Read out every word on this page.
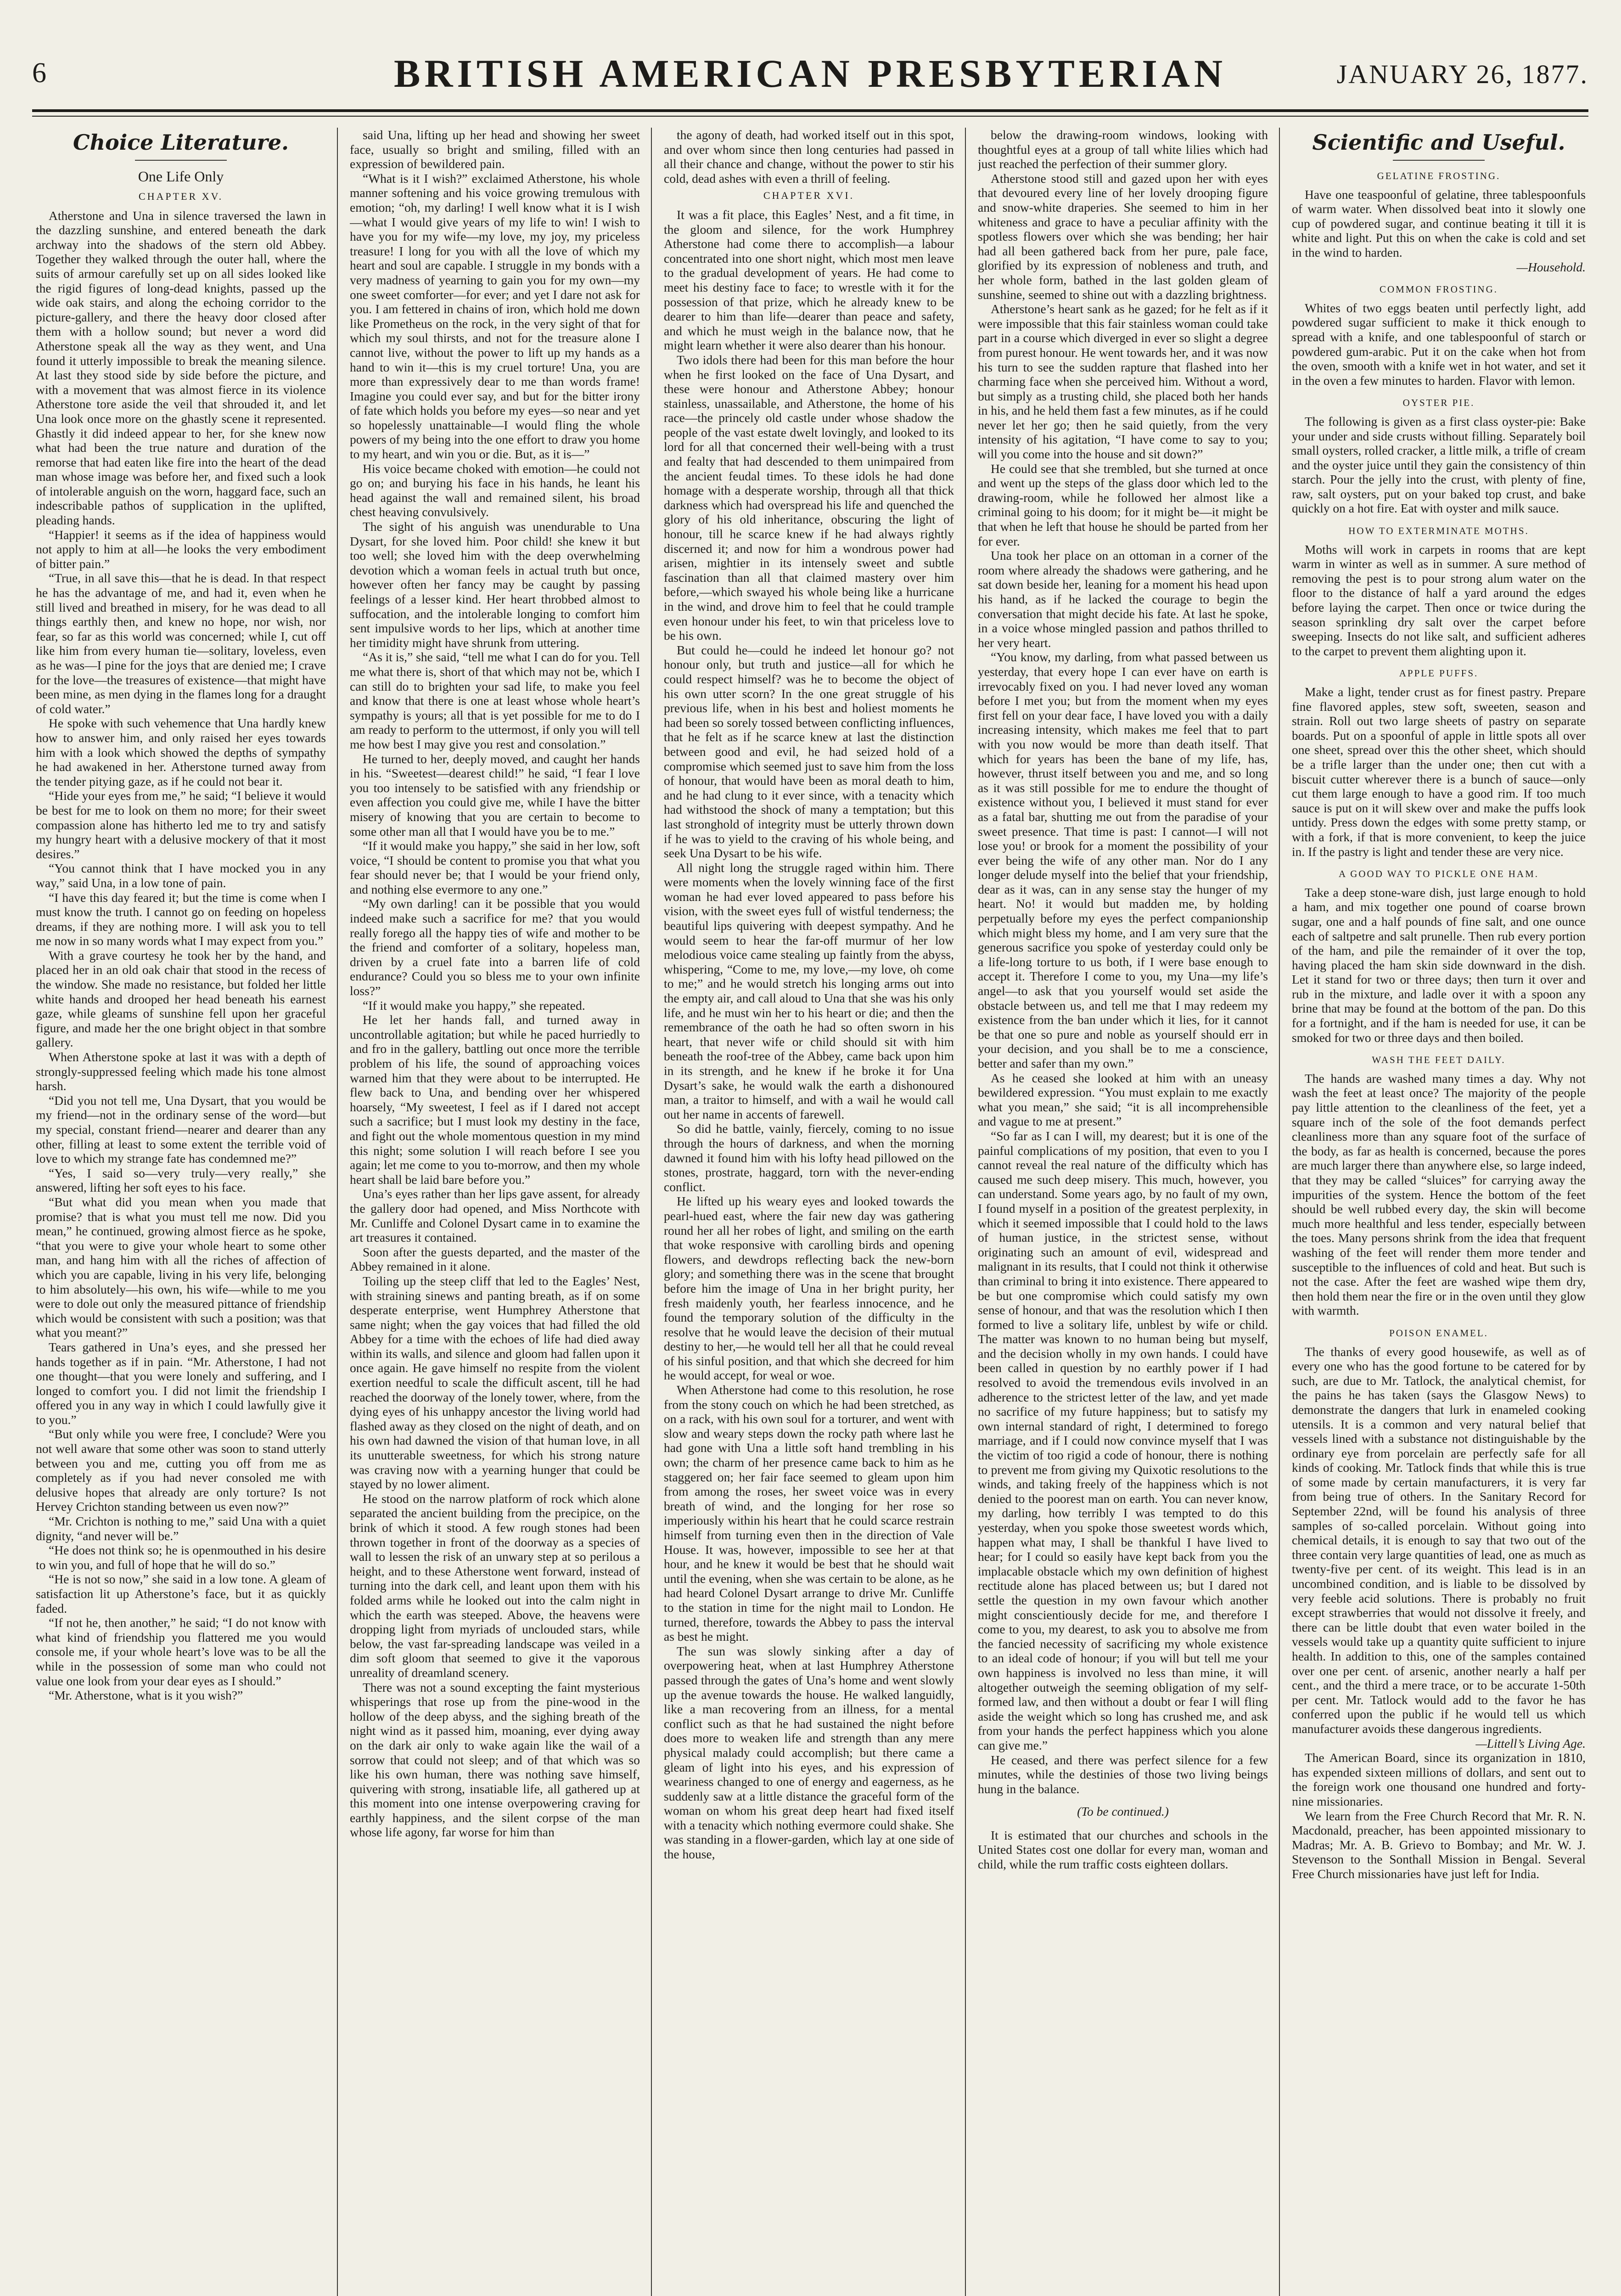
6	BRITISH AMERICAN PRESBYTERIAN	JANUARY 26, 1877.
Choice Literature.
One Life Only
CHAPTER XV.

Atherstone and Una in silence traversed the lawn in the dazzling sunshine, and entered beneath the dark archway into the shadows of the stern old Abbey. Together they walked through the outer hall, where the suits of armour carefully set up on all sides looked like the rigid figures of long-dead knights, passed up the wide oak stairs, and along the echoing corridor to the picture-gallery, and there the heavy door closed after them with a hollow sound; but never a word did Atherstone speak all the way as they went, and Una found it utterly impossible to break the meaning silence. At last they stood side by side before the picture, and with a movement that was almost fierce in its violence Atherstone tore aside the veil that shrouded it, and let Una look once more on the ghastly scene it represented. Ghastly it did indeed appear to her, for she knew now what had been the true nature and duration of the remorse that had eaten like fire into the heart of the dead man whose image was before her, and fixed such a look of intolerable anguish on the worn, haggard face, such an indescribable pathos of supplication in the uplifted, pleading hands.

“Happier! it seems as if the idea of happiness would not apply to him at all—he looks the very embodiment of bitter pain.”

“True, in all save this—that he is dead. In that respect he has the advantage of me, and had it, even when he still lived and breathed in misery, for he was dead to all things earthly then, and knew no hope, nor wish, nor fear, so far as this world was concerned; while I, cut off like him from every human tie—solitary, loveless, even as he was—I pine for the joys that are denied me; I crave for the love—the treasures of existence—that might have been mine, as men dying in the flames long for a draught of cold water.”

He spoke with such vehemence that Una hardly knew how to answer him, and only raised her eyes towards him with a look which showed the depths of sympathy he had awakened in her. Atherstone turned away from the tender pitying gaze, as if he could not bear it.

“Hide your eyes from me,” he said; “I believe it would be best for me to look on them no more; for their sweet compassion alone has hitherto led me to try and satisfy my hungry heart with a delusive mockery of that it most desires.”

“You cannot think that I have mocked you in any way,” said Una, in a low tone of pain.

“I have this day feared it; but the time is come when I must know the truth. I cannot go on feeding on hopeless dreams, if they are nothing more. I will ask you to tell me now in so many words what I may expect from you.”

With a grave courtesy he took her by the hand, and placed her in an old oak chair that stood in the recess of the window. She made no resistance, but folded her little white hands and drooped her head beneath his earnest gaze, while gleams of sunshine fell upon her graceful figure, and made her the one bright object in that sombre gallery.

When Atherstone spoke at last it was with a depth of strongly-suppressed feeling which made his tone almost harsh.

“Did you not tell me, Una Dysart, that you would be my friend—not in the ordinary sense of the word—but my special, constant friend—nearer and dearer than any other, filling at least to some extent the terrible void of love to which my strange fate has condemned me?”

“Yes, I said so—very truly—very really,” she answered, lifting her soft eyes to his face.

“But what did you mean when you made that promise? that is what you must tell me now. Did you mean,” he continued, growing almost fierce as he spoke, “that you were to give your whole heart to some other man, and hang him with all the riches of affection of which you are capable, living in his very life, belonging to him absolutely—his own, his wife—while to me you were to dole out only the measured pittance of friendship which would be consistent with such a position; was that what you meant?”

Tears gathered in Una’s eyes, and she pressed her hands together as if in pain. “Mr. Atherstone, I had not one thought—that you were lonely and suffering, and I longed to comfort you. I did not limit the friendship I offered you in any way in which I could lawfully give it to you.”

“But only while you were free, I conclude? Were you not well aware that some other was soon to stand utterly between you and me, cutting you off from me as completely as if you had never consoled me with delusive hopes that already are only torture? Is not Hervey Crichton standing between us even now?”

“Mr. Crichton is nothing to me,” said Una with a quiet dignity, “and never will be.”

“He does not think so; he is openmouthed in his desire to win you, and full of hope that he will do so.”

“He is not so now,” she said in a low tone. A gleam of satisfaction lit up Atherstone’s face, but it as quickly faded.

“If not he, then another,” he said; “I do not know with what kind of friendship you flattered me you would console me, if your whole heart’s love was to be all the while in the possession of some man who could not value one look from your dear eyes as I should.”

“Mr. Atherstone, what is it you wish?”

said Una, lifting up her head and showing her sweet face, usually so bright and smiling, filled with an expression of bewildered pain.

“What is it I wish?” exclaimed Atherstone, his whole manner softening and his voice growing tremulous with emotion; “oh, my darling! I well know what it is I wish—what I would give years of my life to win! I wish to have you for my wife—my love, my joy, my priceless treasure! I long for you with all the love of which my heart and soul are capable. I struggle in my bonds with a very madness of yearning to gain you for my own—my one sweet comforter—for ever; and yet I dare not ask for you. I am fettered in chains of iron, which hold me down like Prometheus on the rock, in the very sight of that for which my soul thirsts, and not for the treasure alone I cannot live, without the power to lift up my hands as a hand to win it—this is my cruel torture! Una, you are more than expressively dear to me than words frame! Imagine you could ever say, and but for the bitter irony of fate which holds you before my eyes—so near and yet so hopelessly unattainable—I would fling the whole powers of my being into the one effort to draw you home to my heart, and win you or die. But, as it is—”

His voice became choked with emotion—he could not go on; and burying his face in his hands, he leant his head against the wall and remained silent, his broad chest heaving convulsively.

The sight of his anguish was unendurable to Una Dysart, for she loved him. Poor child! she knew it but too well; she loved him with the deep overwhelming devotion which a woman feels in actual truth but once, however often her fancy may be caught by passing feelings of a lesser kind. Her heart throbbed almost to suffocation, and the intolerable longing to comfort him sent impulsive words to her lips, which at another time her timidity might have shrunk from uttering.

“As it is,” she said, “tell me what I can do for you. Tell me what there is, short of that which may not be, which I can still do to brighten your sad life, to make you feel and know that there is one at least whose whole heart’s sympathy is yours; all that is yet possible for me to do I am ready to perform to the uttermost, if only you will tell me how best I may give you rest and consolation.”

He turned to her, deeply moved, and caught her hands in his. “Sweetest—dearest child!” he said, “I fear I love you too intensely to be satisfied with any friendship or even affection you could give me, while I have the bitter misery of knowing that you are certain to become to some other man all that I would have you be to me.”

“If it would make you happy,” she said in her low, soft voice, “I should be content to promise you that what you fear should never be; that I would be your friend only, and nothing else evermore to any one.”

“My own darling! can it be possible that you would indeed make such a sacrifice for me? that you would really forego all the happy ties of wife and mother to be the friend and comforter of a solitary, hopeless man, driven by a cruel fate into a barren life of cold endurance? Could you so bless me to your own infinite loss?”

“If it would make you happy,” she repeated.

He let her hands fall, and turned away in uncontrollable agitation; but while he paced hurriedly to and fro in the gallery, battling out once more the terrible problem of his life, the sound of approaching voices warned him that they were about to be interrupted. He flew back to Una, and bending over her whispered hoarsely, “My sweetest, I feel as if I dared not accept such a sacrifice; but I must look my destiny in the face, and fight out the whole momentous question in my mind this night; some solution I will reach before I see you again; let me come to you to-morrow, and then my whole heart shall be laid bare before you.”

Una’s eyes rather than her lips gave assent, for already the gallery door had opened, and Miss Northcote with Mr. Cunliffe and Colonel Dysart came in to examine the art treasures it contained.

Soon after the guests departed, and the master of the Abbey remained in it alone.

Toiling up the steep cliff that led to the Eagles’ Nest, with straining sinews and panting breath, as if on some desperate enterprise, went Humphrey Atherstone that same night; when the gay voices that had filled the old Abbey for a time with the echoes of life had died away within its walls, and silence and gloom had fallen upon it once again. He gave himself no respite from the violent exertion needful to scale the difficult ascent, till he had reached the doorway of the lonely tower, where, from the dying eyes of his unhappy ancestor the living world had flashed away as they closed on the night of death, and on his own had dawned the vision of that human love, in all its unutterable sweetness, for which his strong nature was craving now with a yearning hunger that could be stayed by no lower aliment.

He stood on the narrow platform of rock which alone separated the ancient building from the precipice, on the brink of which it stood. A few rough stones had been thrown together in front of the doorway as a species of wall to lessen the risk of an unwary step at so perilous a height, and to these Atherstone went forward, instead of turning into the dark cell, and leant upon them with his folded arms while he looked out into the calm night in which the earth was steeped. Above, the heavens were dropping light from myriads of unclouded stars, while below, the vast far-spreading landscape was veiled in a dim soft gloom that seemed to give it the vaporous unreality of dreamland scenery.

There was not a sound excepting the faint mysterious whisperings that rose up from the pine-wood in the hollow of the deep abyss, and the sighing breath of the night wind as it passed him, moaning, ever dying away on the dark air only to wake again like the wail of a sorrow that could not sleep; and of that which was so like his own human, there was nothing save himself, quivering with strong, insatiable life, all gathered up at this moment into one intense overpowering craving for earthly happiness, and the silent corpse of the man whose life agony, far worse for him than

the agony of death, had worked itself out in this spot, and over whom since then long centuries had passed in all their chance and change, without the power to stir his cold, dead ashes with even a thrill of feeling.

CHAPTER XVI.

It was a fit place, this Eagles’ Nest, and a fit time, in the gloom and silence, for the work Humphrey Atherstone had come there to accomplish—a labour concentrated into one short night, which most men leave to the gradual development of years. He had come to meet his destiny face to face; to wrestle with it for the possession of that prize, which he already knew to be dearer to him than life—dearer than peace and safety, and which he must weigh in the balance now, that he might learn whether it were also dearer than his honour.

Two idols there had been for this man before the hour when he first looked on the face of Una Dysart, and these were honour and Atherstone Abbey; honour stainless, unassailable, and Atherstone, the home of his race—the princely old castle under whose shadow the people of the vast estate dwelt lovingly, and looked to its lord for all that concerned their well-being with a trust and fealty that had descended to them unimpaired from the ancient feudal times. To these idols he had done homage with a desperate worship, through all that thick darkness which had overspread his life and quenched the glory of his old inheritance, obscuring the light of honour, till he scarce knew if he had always rightly discerned it; and now for him a wondrous power had arisen, mightier in its intensely sweet and subtle fascination than all that claimed mastery over him before,—which swayed his whole being like a hurricane in the wind, and drove him to feel that he could trample even honour under his feet, to win that priceless love to be his own.

But could he—could he indeed let honour go? not honour only, but truth and justice—all for which he could respect himself? was he to become the object of his own utter scorn? In the one great struggle of his previous life, when in his best and holiest moments he had been so sorely tossed between conflicting influences, that he felt as if he scarce knew at last the distinction between good and evil, he had seized hold of a compromise which seemed just to save him from the loss of honour, that would have been as moral death to him, and he had clung to it ever since, with a tenacity which had withstood the shock of many a temptation; but this last stronghold of integrity must be utterly thrown down if he was to yield to the craving of his whole being, and seek Una Dysart to be his wife.

All night long the struggle raged within him. There were moments when the lovely winning face of the first woman he had ever loved appeared to pass before his vision, with the sweet eyes full of wistful tenderness; the beautiful lips quivering with deepest sympathy. And he would seem to hear the far-off murmur of her low melodious voice came stealing up faintly from the abyss, whispering, “Come to me, my love,—my love, oh come to me;” and he would stretch his longing arms out into the empty air, and call aloud to Una that she was his only life, and he must win her to his heart or die; and then the remembrance of the oath he had so often sworn in his heart, that never wife or child should sit with him beneath the roof-tree of the Abbey, came back upon him in its strength, and he knew if he broke it for Una Dysart’s sake, he would walk the earth a dishonoured man, a traitor to himself, and with a wail he would call out her name in accents of farewell.

So did he battle, vainly, fiercely, coming to no issue through the hours of darkness, and when the morning dawned it found him with his lofty head pillowed on the stones, prostrate, haggard, torn with the never-ending conflict.

He lifted up his weary eyes and looked towards the pearl-hued east, where the fair new day was gathering round her all her robes of light, and smiling on the earth that woke responsive with carolling birds and opening flowers, and dewdrops reflecting back the new-born glory; and something there was in the scene that brought before him the image of Una in her bright purity, her fresh maidenly youth, her fearless innocence, and he found the temporary solution of the difficulty in the resolve that he would leave the decision of their mutual destiny to her,—he would tell her all that he could reveal of his sinful position, and that which she decreed for him he would accept, for weal or woe.

When Atherstone had come to this resolution, he rose from the stony couch on which he had been stretched, as on a rack, with his own soul for a torturer, and went with slow and weary steps down the rocky path where last he had gone with Una a little soft hand trembling in his own; the charm of her presence came back to him as he staggered on; her fair face seemed to gleam upon him from among the roses, her sweet voice was in every breath of wind, and the longing for her rose so imperiously within his heart that he could scarce restrain himself from turning even then in the direction of Vale House. It was, however, impossible to see her at that hour, and he knew it would be best that he should wait until the evening, when she was certain to be alone, as he had heard Colonel Dysart arrange to drive Mr. Cunliffe to the station in time for the night mail to London. He turned, therefore, towards the Abbey to pass the interval as best he might.

The sun was slowly sinking after a day of overpowering heat, when at last Humphrey Atherstone passed through the gates of Una’s home and went slowly up the avenue towards the house. He walked languidly, like a man recovering from an illness, for a mental conflict such as that he had sustained the night before does more to weaken life and strength than any mere physical malady could accomplish; but there came a gleam of light into his eyes, and his expression of weariness changed to one of energy and eagerness, as he suddenly saw at a little distance the graceful form of the woman on whom his great deep heart had fixed itself with a tenacity which nothing evermore could shake. She was standing in a flower-garden, which lay at one side of the house,

below the drawing-room windows, looking with thoughtful eyes at a group of tall white lilies which had just reached the perfection of their summer glory.

Atherstone stood still and gazed upon her with eyes that devoured every line of her lovely drooping figure and snow-white draperies. She seemed to him in her whiteness and grace to have a peculiar affinity with the spotless flowers over which she was bending; her hair had all been gathered back from her pure, pale face, glorified by its expression of nobleness and truth, and her whole form, bathed in the last golden gleam of sunshine, seemed to shine out with a dazzling brightness.

Atherstone’s heart sank as he gazed; for he felt as if it were impossible that this fair stainless woman could take part in a course which diverged in ever so slight a degree from purest honour. He went towards her, and it was now his turn to see the sudden rapture that flashed into her charming face when she perceived him. Without a word, but simply as a trusting child, she placed both her hands in his, and he held them fast a few minutes, as if he could never let her go; then he said quietly, from the very intensity of his agitation, “I have come to say to you; will you come into the house and sit down?”

He could see that she trembled, but she turned at once and went up the steps of the glass door which led to the drawing-room, while he followed her almost like a criminal going to his doom; for it might be—it might be that when he left that house he should be parted from her for ever.

Una took her place on an ottoman in a corner of the room where already the shadows were gathering, and he sat down beside her, leaning for a moment his head upon his hand, as if he lacked the courage to begin the conversation that might decide his fate. At last he spoke, in a voice whose mingled passion and pathos thrilled to her very heart.

“You know, my darling, from what passed between us yesterday, that every hope I can ever have on earth is irrevocably fixed on you. I had never loved any woman before I met you; but from the moment when my eyes first fell on your dear face, I have loved you with a daily increasing intensity, which makes me feel that to part with you now would be more than death itself. That which for years has been the bane of my life, has, however, thrust itself between you and me, and so long as it was still possible for me to endure the thought of existence without you, I believed it must stand for ever as a fatal bar, shutting me out from the paradise of your sweet presence. That time is past: I cannot—I will not lose you! or brook for a moment the possibility of your ever being the wife of any other man. Nor do I any longer delude myself into the belief that your friendship, dear as it was, can in any sense stay the hunger of my heart. No! it would but madden me, by holding perpetually before my eyes the perfect companionship which might bless my home, and I am very sure that the generous sacrifice you spoke of yesterday could only be a life-long torture to us both, if I were base enough to accept it. Therefore I come to you, my Una—my life’s angel—to ask that you yourself would set aside the obstacle between us, and tell me that I may redeem my existence from the ban under which it lies, for it cannot be that one so pure and noble as yourself should err in your decision, and you shall be to me a conscience, better and safer than my own.”

As he ceased she looked at him with an uneasy bewildered expression. “You must explain to me exactly what you mean,” she said; “it is all incomprehensible and vague to me at present.”

“So far as I can I will, my dearest; but it is one of the painful complications of my position, that even to you I cannot reveal the real nature of the difficulty which has caused me such deep misery. This much, however, you can understand. Some years ago, by no fault of my own, I found myself in a position of the greatest perplexity, in which it seemed impossible that I could hold to the laws of human justice, in the strictest sense, without originating such an amount of evil, widespread and malignant in its results, that I could not think it otherwise than criminal to bring it into existence. There appeared to be but one compromise which could satisfy my own sense of honour, and that was the resolution which I then formed to live a solitary life, unblest by wife or child. The matter was known to no human being but myself, and the decision wholly in my own hands. I could have been called in question by no earthly power if I had resolved to avoid the tremendous evils involved in an adherence to the strictest letter of the law, and yet made no sacrifice of my future happiness; but to satisfy my own internal standard of right, I determined to forego marriage, and if I could now convince myself that I was the victim of too rigid a code of honour, there is nothing to prevent me from giving my Quixotic resolutions to the winds, and taking freely of the happiness which is not denied to the poorest man on earth. You can never know, my darling, how terribly I was tempted to do this yesterday, when you spoke those sweetest words which, happen what may, I shall be thankful I have lived to hear; for I could so easily have kept back from you the implacable obstacle which my own definition of highest rectitude alone has placed between us; but I dared not settle the question in my own favour which another might conscientiously decide for me, and therefore I come to you, my dearest, to ask you to absolve me from the fancied necessity of sacrificing my whole existence to an ideal code of honour; if you will but tell me your own happiness is involved no less than mine, it will altogether outweigh the seeming obligation of my self-formed law, and then without a doubt or fear I will fling aside the weight which so long has crushed me, and ask from your hands the perfect happiness which you alone can give me.”

He ceased, and there was perfect silence for a few minutes, while the destinies of those two living beings hung in the balance.

(To be continued.)

It is estimated that our churches and schools in the United States cost one dollar for every man, woman and child, while the rum traffic costs eighteen dollars.

Scientific and Useful.
GELATINE FROSTING.

Have one teaspoonful of gelatine, three tablespoonfuls of warm water. When dissolved beat into it slowly one cup of powdered sugar, and continue beating it till it is white and light. Put this on when the cake is cold and set in the wind to harden.

—Household.

COMMON FROSTING.

Whites of two eggs beaten until perfectly light, add powdered sugar sufficient to make it thick enough to spread with a knife, and one tablespoonful of starch or powdered gum-arabic. Put it on the cake when hot from the oven, smooth with a knife wet in hot water, and set it in the oven a few minutes to harden. Flavor with lemon.

OYSTER PIE.

The following is given as a first class oyster-pie: Bake your under and side crusts without filling. Separately boil small oysters, rolled cracker, a little milk, a trifle of cream and the oyster juice until they gain the consistency of thin starch. Pour the jelly into the crust, with plenty of fine, raw, salt oysters, put on your baked top crust, and bake quickly on a hot fire. Eat with oyster and milk sauce.

HOW TO EXTERMINATE MOTHS.

Moths will work in carpets in rooms that are kept warm in winter as well as in summer. A sure method of removing the pest is to pour strong alum water on the floor to the distance of half a yard around the edges before laying the carpet. Then once or twice during the season sprinkling dry salt over the carpet before sweeping. Insects do not like salt, and sufficient adheres to the carpet to prevent them alighting upon it.

APPLE PUFFS.

Make a light, tender crust as for finest pastry. Prepare fine flavored apples, stew soft, sweeten, season and strain. Roll out two large sheets of pastry on separate boards. Put on a spoonful of apple in little spots all over one sheet, spread over this the other sheet, which should be a trifle larger than the under one; then cut with a biscuit cutter wherever there is a bunch of sauce—only cut them large enough to have a good rim. If too much sauce is put on it will skew over and make the puffs look untidy. Press down the edges with some pretty stamp, or with a fork, if that is more convenient, to keep the juice in. If the pastry is light and tender these are very nice.

A GOOD WAY TO PICKLE ONE HAM.

Take a deep stone-ware dish, just large enough to hold a ham, and mix together one pound of coarse brown sugar, one and a half pounds of fine salt, and one ounce each of saltpetre and salt prunelle. Then rub every portion of the ham, and pile the remainder of it over the top, having placed the ham skin side downward in the dish. Let it stand for two or three days; then turn it over and rub in the mixture, and ladle over it with a spoon any brine that may be found at the bottom of the pan. Do this for a fortnight, and if the ham is needed for use, it can be smoked for two or three days and then boiled.

WASH THE FEET DAILY.

The hands are washed many times a day. Why not wash the feet at least once? The majority of the people pay little attention to the cleanliness of the feet, yet a square inch of the sole of the foot demands perfect cleanliness more than any square foot of the surface of the body, as far as health is concerned, because the pores are much larger there than anywhere else, so large indeed, that they may be called “sluices” for carrying away the impurities of the system. Hence the bottom of the feet should be well rubbed every day, the skin will become much more healthful and less tender, especially between the toes. Many persons shrink from the idea that frequent washing of the feet will render them more tender and susceptible to the influences of cold and heat. But such is not the case. After the feet are washed wipe them dry, then hold them near the fire or in the oven until they glow with warmth.

POISON ENAMEL.

The thanks of every good housewife, as well as of every one who has the good fortune to be catered for by such, are due to Mr. Tatlock, the analytical chemist, for the pains he has taken (says the Glasgow News) to demonstrate the dangers that lurk in enameled cooking utensils. It is a common and very natural belief that vessels lined with a substance not distinguishable by the ordinary eye from porcelain are perfectly safe for all kinds of cooking. Mr. Tatlock finds that while this is true of some made by certain manufacturers, it is very far from being true of others. In the Sanitary Record for September 22nd, will be found his analysis of three samples of so-called porcelain. Without going into chemical details, it is enough to say that two out of the three contain very large quantities of lead, one as much as twenty-five per cent. of its weight. This lead is in an uncombined condition, and is liable to be dissolved by very feeble acid solutions. There is probably no fruit except strawberries that would not dissolve it freely, and there can be little doubt that even water boiled in the vessels would take up a quantity quite sufficient to injure health. In addition to this, one of the samples contained over one per cent. of arsenic, another nearly a half per cent., and the third a mere trace, or to be accurate 1-50th per cent. Mr. Tatlock would add to the favor he has conferred upon the public if he would tell us which manufacturer avoids these dangerous ingredients.

—Littell’s Living Age.

The American Board, since its organization in 1810, has expended sixteen millions of dollars, and sent out to the foreign work one thousand one hundred and forty-nine missionaries.

We learn from the Free Church Record that Mr. R. N. Macdonald, preacher, has been appointed missionary to Madras; Mr. A. B. Grievo to Bombay; and Mr. W. J. Stevenson to the Sonthall Mission in Bengal. Several Free Church missionaries have just left for India.
